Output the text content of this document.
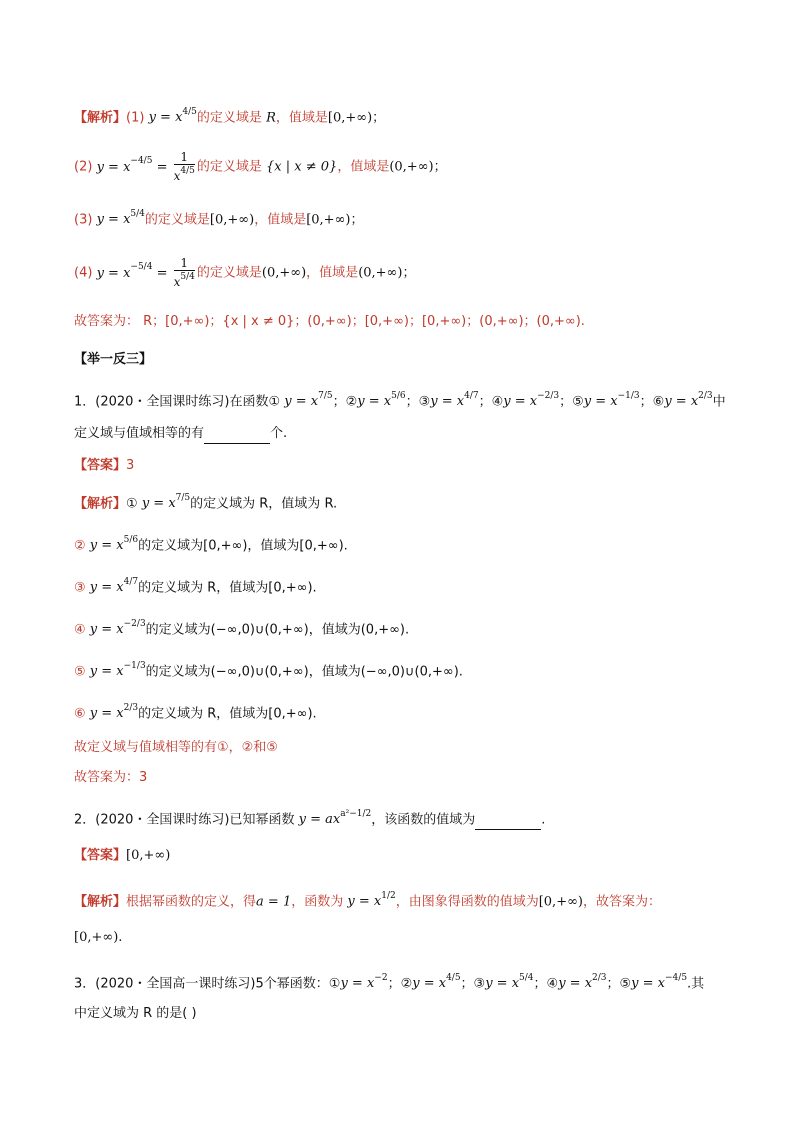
【解析】(1) $y = x^{4/5}$的定义域是 R，值域是[0,+∞)；
(2) $y = x^{-4/5} = \frac{1}{x^{4/5}}$ 的定义域是 {x | x ≠ 0}，值域是(0,+∞)；
(3) $y = x^{5/4}$的定义域是[0,+∞)，值域是[0,+∞)；
(4) $y = x^{-5/4} = \frac{1}{x^{5/4}}$ 的定义域是(0,+∞)，值域是(0,+∞)；
故答案为： R；[0,+∞)；{x | x ≠ 0}；(0,+∞)；[0,+∞)；[0,+∞)；(0,+∞)；(0,+∞).
【举一反三】
1．(2020・全国课时练习)在函数① $y = x^{7/5}$；②y = $x^{5/6}$；③y = $x^{4/7}$；④y = $x^{-2/3}$；⑤y = $x^{-1/3}$；⑥y = $x^{2/3}$中
定义域与值域相等的有	个.
【答案】3
【解析】① $y = x^{7/5}$的定义域为 R，值域为 R.
② $y = x^{5/6}$的定义域为[0,+∞)，值域为[0,+∞).
③ $y = x^{4/7}$的定义域为 R，值域为[0,+∞).
④ $y = x^{-2/3}$的定义域为(−∞,0)∪(0,+∞)，值域为(0,+∞).
⑤ $y = x^{-1/3}$的定义域为(−∞,0)∪(0,+∞)，值域为(−∞,0)∪(0,+∞).
⑥ $y = x^{2/3}$的定义域为 R，值域为[0,+∞).
故定义域与值域相等的有①，②和⑤
故答案为：3
2．(2020・全国课时练习)已知幂函数 $y = ax^{a^2-1/2}$，该函数的值域为	.
【答案】[0,+∞)
【解析】根据幂函数的定义，得a = 1，函数为 $y = x^{1/2}$，由图象得函数的值域为[0,+∞)，故答案为：
[0,+∞).
3．(2020・全国高一课时练习)5个幂函数：①y = $x^{-2}$；②y = $x^{4/5}$；③y = $x^{5/4}$；④y = $x^{2/3}$；⑤y = $x^{-4/5}$.其
中定义域为 R 的是( )
